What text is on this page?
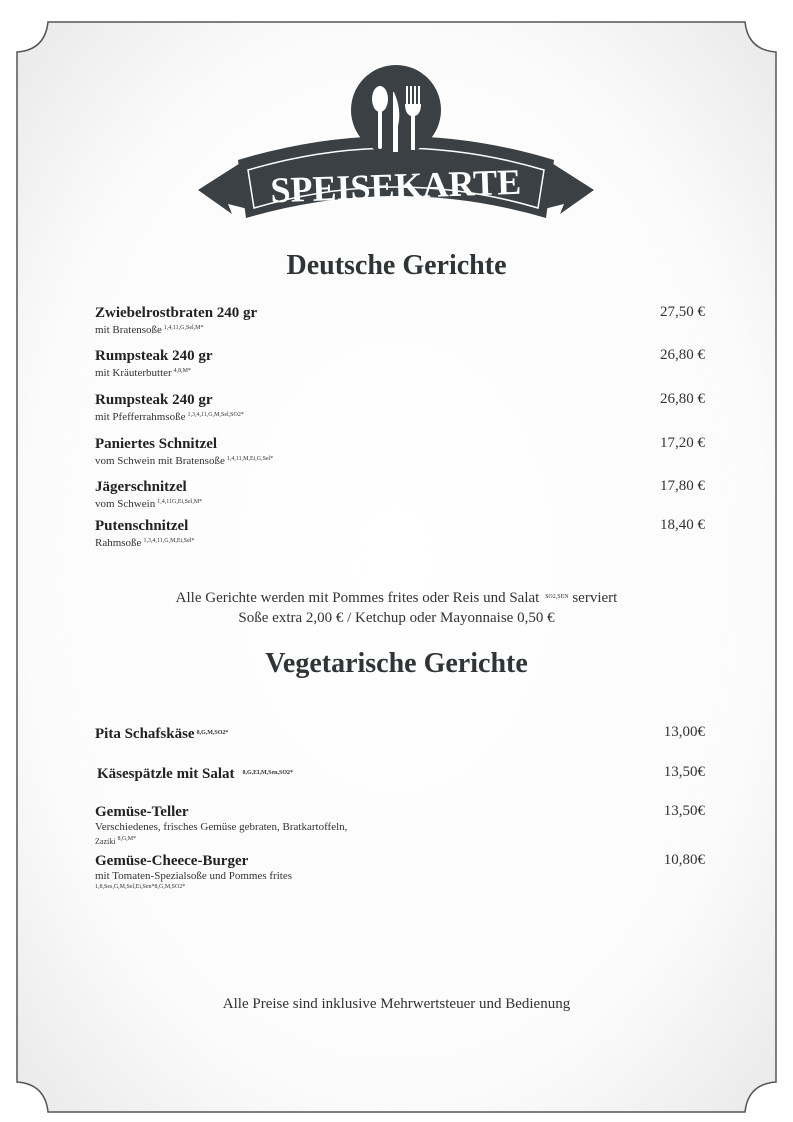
SPEISEKARTE
Deutsche Gerichte
Zwiebelrostbraten 240 gr
mit Bratensoße $^{1,4,11,G,Sel,M*}$
27,50 €
Rumpsteak 240 gr
mit Kräuterbutter $^{4,8,M*}$
26,80 €
Rumpsteak 240 gr
mit Pfefferrahmsoße $^{1,3,4,11,G,M,Sel,SO2*}$
26,80 €
Paniertes Schnitzel
vom Schwein mit Bratensoße $^{1,4,11,M,Ei,G,Sel*}$
17,20 €
Jägerschnitzel
vom Schwein $^{1,4,11G,Ei,Sel,M*}$
17,80 €
Putenschnitzel
Rahmsoße $^{1,3,4,11,G,M,Ei,Sel*}$
18,40 €
Alle Gerichte werden mit Pommes frites oder Reis und Salat $^{SO2,SEN}$ serviert
Soße extra 2,00 € / Ketchup oder Mayonnaise 0,50 €
Vegetarische Gerichte
Pita Schafskäse $^{8,G,M,SO2*}$	13,00€
Käsespätzle mit Salat $^{8,G,EI,M,Sen,SO2*}$	13,50€
Gemüse-Teller
Verschiedenes, frisches Gemüse gebraten, Bratkartoffeln,
Zaziki $^{8,G,M*}$
13,50€
Gemüse-Cheece-Burger
mit Tomaten-Spezialsoße und Pommes frites
1,8,Ses,G,M,Sel,Ei,Sen*8,G,M,SO2*
10,80€
Alle Preise sind inklusive Mehrwertsteuer und Bedienung
